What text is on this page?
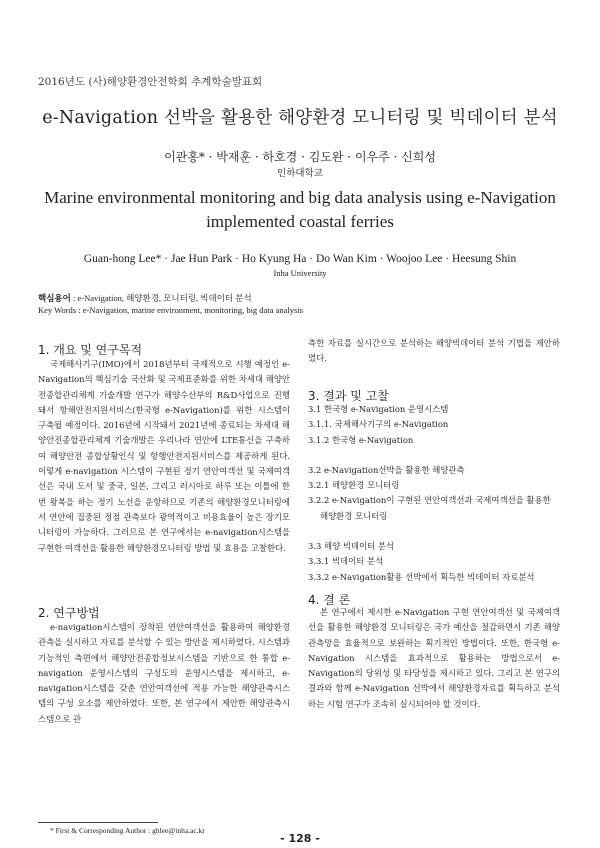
2016년도 (사)해양환경안전학회 추계학술발표회
e-Navigation 선박을 활용한 해양환경 모니터링 및 빅데이터 분석
이관홍* · 박재훈 · 하호경 · 김도완 · 이우주 · 신희성
인하대학교
Marine environmental monitoring and big data analysis using e-Navigation implemented coastal ferries
Guan-hong Lee* · Jae Hun Park · Ho Kyung Ha · Do Wan Kim · Woojoo Lee · Heesung Shin
Inha University
핵심용어 : e-Navigation, 해양환경, 모니터링, 빅데이터 분석
Key Words : e-Navigation, marine environment, monitoring, big data analysis
1. 개요 및 연구목적
국제해사기구(IMO)에서 2018년부터 국제적으로 시행 예정인 e-Navigation의 핵심기술 국산화 및 국제표준화를 위한 차세대 해양안전종합관리체계 기술개발 연구가 해양수산부의 R&D사업으로 진행돼서 항해안전지원서비스(한국형 e-Navigation)를 위한 시스템이 구축될 예정이다. 2016년에 시작돼서 2021년에 종료되는 차세대 해양안전종합관리체계 기술개발은 우리나라 연안에 LTE통신을 구축하여 해양안전 종합상황인식 및 항행안전지원서비스를 제공하게 된다. 이렇게 e-navigation 시스템이 구현된 정기 연안여객선 및 국제여객선은 국내 도서 및 중국, 일본, 그리고 러시아로 하루 또는 이틀에 한번 왕복을 하는 정기 노선을 운항하므로 기존의 해양환경모니터링에서 연안에 집중된 정점 관측보다 광역적이고 비용효율이 높은 장기모니터링이 가능하다. 그러므로 본 연구에서는 e-navigation시스템을 구현한 여객선을 활용한 해양환경모니터링 방법 및 효용을 고찰한다.
2. 연구방법
e-navigation시스템이 장착된 연안여객선을 활용하여 해양환경관측을 실시하고 자료를 분석할 수 있는 방안을 제시하였다. 시스템과 기능적인 측면에서 해양안전종합정보시스템을 기반으로 한 통합 e-navigation 운영시스템의 구성도의 운영시스템을 제시하고, e-navigation시스템을 갖춘 연안여객선에 적용 가능한 해양관측시스템의 구성 요소를 제안하였다. 또한, 본 연구에서 제안한 해양관측시스템으로 관
측한 자료를 실시간으로 분석하는 해양빅데이터 분석 기법을 제안하였다.
3. 결과 및 고찰
3.1 한국형 e-Navigation 운영시스템
3.1.1. 국제해사기구의 e-Navigation
3.1.2 한국형 e-Navigation
3.2 e-Navigation선박을 활용한 해양관측
3.2.1 해양환경 모니터링
3.2.2 e-Navigation이 구현된 연안여객선과 국제여객선을 활용한 해양환경 모니터링
3.3 해양 빅데이터 분석
3.3.1 빅데이터 분석
3.3.2 e-Navigation활용 선박에서 획득한 빅데이터 자료분석
4. 결 론
본 연구에서 제시한 e-Navigation 구현 연안여객선 및 국제여객선을 활용한 해양환경 모니터링은 국가 예산을 절감하면서 기존 해양관측망을 효율적으로 보완하는 획기적인 방법이다. 또한, 한국형 e-Navigation 시스템을 효과적으로 활용하는 방법으로서 e-Navigation의 당위성 및 타당성을 제시하고 있다. 그리고 본 연구의 결과와 함께 e-Navigation 선박에서 해양환경자료를 획득하고 분석하는 시험 연구가 조속히 실시되어야 할 것이다.
* First & Corresponding Author : ghlee@inha.ac.kr
- 128 -
